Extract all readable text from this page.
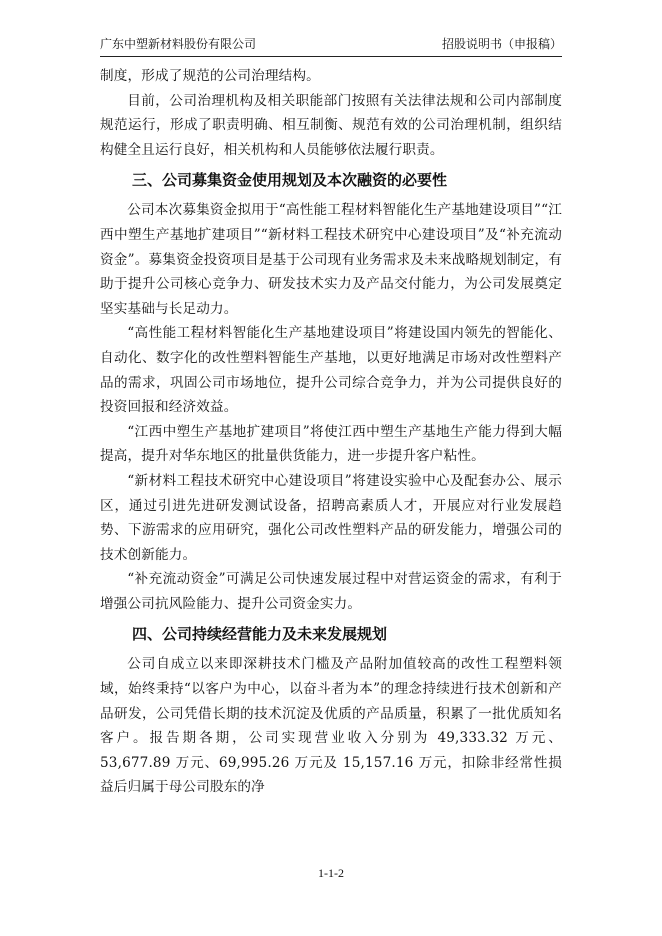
广东中塑新材料股份有限公司	招股说明书（申报稿）

制度，形成了规范的公司治理结构。

目前，公司治理机构及相关职能部门按照有关法律法规和公司内部制度规范运行，形成了职责明确、相互制衡、规范有效的公司治理机制，组织结构健全且运行良好，相关机构和人员能够依法履行职责。

三、公司募集资金使用规划及本次融资的必要性

公司本次募集资金拟用于“高性能工程材料智能化生产基地建设项目”“江西中塑生产基地扩建项目”“新材料工程技术研究中心建设项目”及“补充流动资金”。募集资金投资项目是基于公司现有业务需求及未来战略规划制定，有助于提升公司核心竞争力、研发技术实力及产品交付能力，为公司发展奠定坚实基础与长足动力。

“高性能工程材料智能化生产基地建设项目”将建设国内领先的智能化、自动化、数字化的改性塑料智能生产基地，以更好地满足市场对改性塑料产品的需求，巩固公司市场地位，提升公司综合竞争力，并为公司提供良好的投资回报和经济效益。

“江西中塑生产基地扩建项目”将使江西中塑生产基地生产能力得到大幅提高，提升对华东地区的批量供货能力，进一步提升客户粘性。

“新材料工程技术研究中心建设项目”将建设实验中心及配套办公、展示区，通过引进先进研发测试设备，招聘高素质人才，开展应对行业发展趋势、下游需求的应用研究，强化公司改性塑料产品的研发能力，增强公司的技术创新能力。

“补充流动资金”可满足公司快速发展过程中对营运资金的需求，有利于增强公司抗风险能力、提升公司资金实力。

四、公司持续经营能力及未来发展规划

公司自成立以来即深耕技术门槛及产品附加值较高的改性工程塑料领域，始终秉持“以客户为中心，以奋斗者为本”的理念持续进行技术创新和产品研发，公司凭借长期的技术沉淀及优质的产品质量，积累了一批优质知名客户。报告期各期，公司实现营业收入分别为 49,333.32 万元、53,677.89 万元、69,995.26 万元及 15,157.16 万元，扣除非经常性损益后归属于母公司股东的净

1-1-2
